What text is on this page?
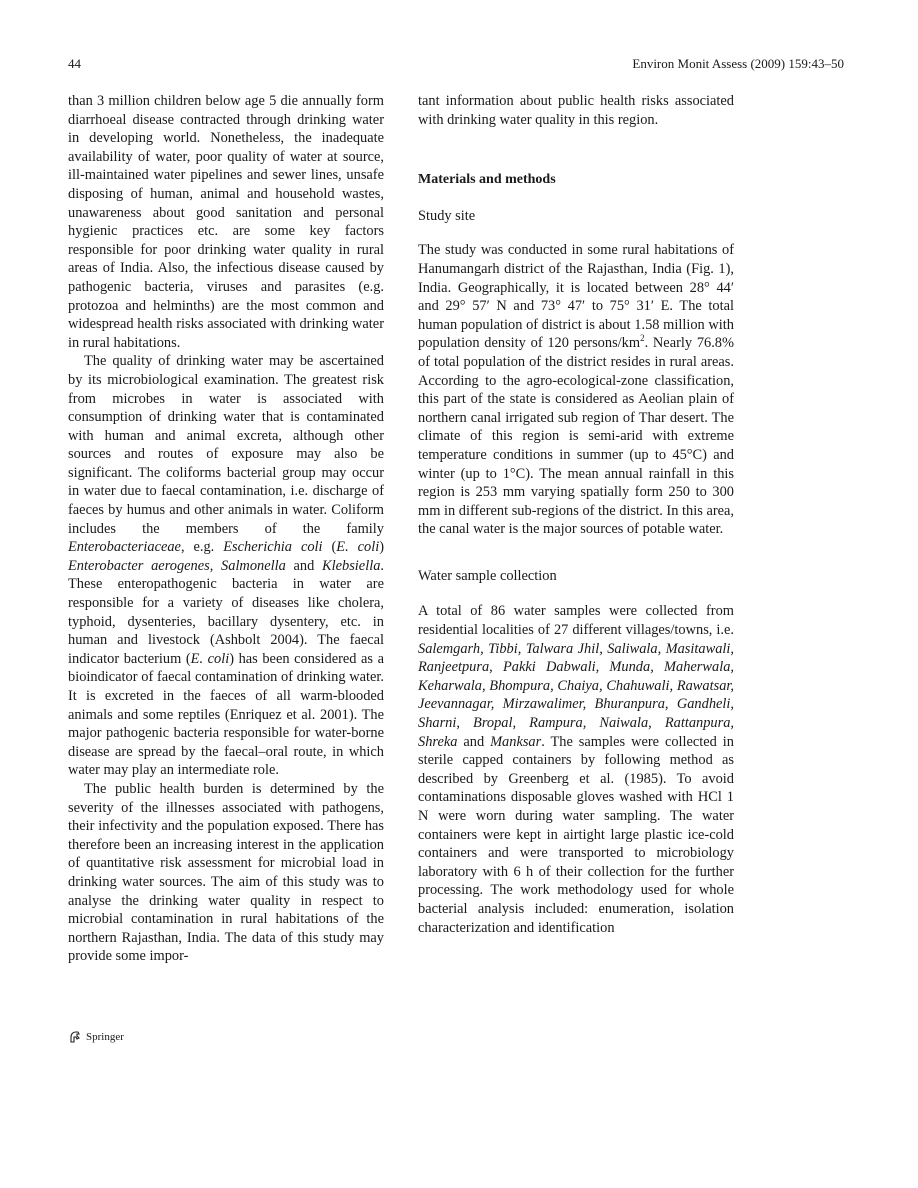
44	Environ Monit Assess (2009) 159:43–50

than 3 million children below age 5 die annually form diarrhoeal disease contracted through drinking water in developing world. Nonetheless, the inadequate availability of water, poor quality of water at source, ill-maintained water pipelines and sewer lines, unsafe disposing of human, animal and household wastes, unawareness about good sanitation and personal hygienic practices etc. are some key factors responsible for poor drinking water quality in rural areas of India. Also, the infectious disease caused by pathogenic bacteria, viruses and parasites (e.g. protozoa and helminths) are the most common and widespread health risks associated with drinking water in rural habitations.

The quality of drinking water may be ascertained by its microbiological examination. The greatest risk from microbes in water is associated with consumption of drinking water that is contaminated with human and animal excreta, although other sources and routes of exposure may also be significant. The coliforms bacterial group may occur in water due to faecal contamination, i.e. discharge of faeces by humus and other animals in water. Coliform includes the members of the family Enterobacteriaceae, e.g. Escherichia coli (E. coli) Enterobacter aerogenes, Salmonella and Klebsiella. These enteropathogenic bacteria in water are responsible for a variety of diseases like cholera, typhoid, dysenteries, bacillary dysentery, etc. in human and livestock (Ashbolt 2004). The faecal indicator bacterium (E. coli) has been considered as a bioindicator of faecal contamination of drinking water. It is excreted in the faeces of all warm-blooded animals and some reptiles (Enriquez et al. 2001). The major pathogenic bacteria responsible for water-borne disease are spread by the faecal–oral route, in which water may play an intermediate role.

The public health burden is determined by the severity of the illnesses associated with pathogens, their infectivity and the population exposed. There has therefore been an increasing interest in the application of quantitative risk assessment for microbial load in drinking water sources. The aim of this study was to analyse the drinking water quality in respect to microbial contamination in rural habitations of the northern Rajasthan, India. The data of this study may provide some impor-

tant information about public health risks associated with drinking water quality in this region.

Materials and methods

Study site

The study was conducted in some rural habitations of Hanumangarh district of the Rajasthan, India (Fig. 1), India. Geographically, it is located between 28° 44′ and 29° 57′ N and 73° 47′ to 75° 31′ E. The total human population of district is about 1.58 million with population density of 120 persons/$km^2$. Nearly 76.8% of total population of the district resides in rural areas. According to the agro-ecological-zone classification, this part of the state is considered as Aeolian plain of northern canal irrigated sub region of Thar desert. The climate of this region is semi-arid with extreme temperature conditions in summer (up to 45°C) and winter (up to 1°C). The mean annual rainfall in this region is 253 mm varying spatially form 250 to 300 mm in different sub-regions of the district. In this area, the canal water is the major sources of potable water.

Water sample collection

A total of 86 water samples were collected from residential localities of 27 different villages/towns, i.e. Salemgarh, Tibbi, Talwara Jhil, Saliwala, Masitawali, Ranjeetpura, Pakki Dabwali, Munda, Maherwala, Keharwala, Bhompura, Chaiya, Chahuwali, Rawatsar, Jeevannagar, Mirzawalimer, Bhuranpura, Gandheli, Sharni, Bropal, Rampura, Naiwala, Rattanpura, Shreka and Manksar. The samples were collected in sterile capped containers by following method as described by Greenberg et al. (1985). To avoid contaminations disposable gloves washed with HCl 1 N were worn during water sampling. The water containers were kept in airtight large plastic ice-cold containers and were transported to microbiology laboratory with 6 h of their collection for the further processing. The work methodology used for whole bacterial analysis included: enumeration, isolation characterization and identification

Springer
